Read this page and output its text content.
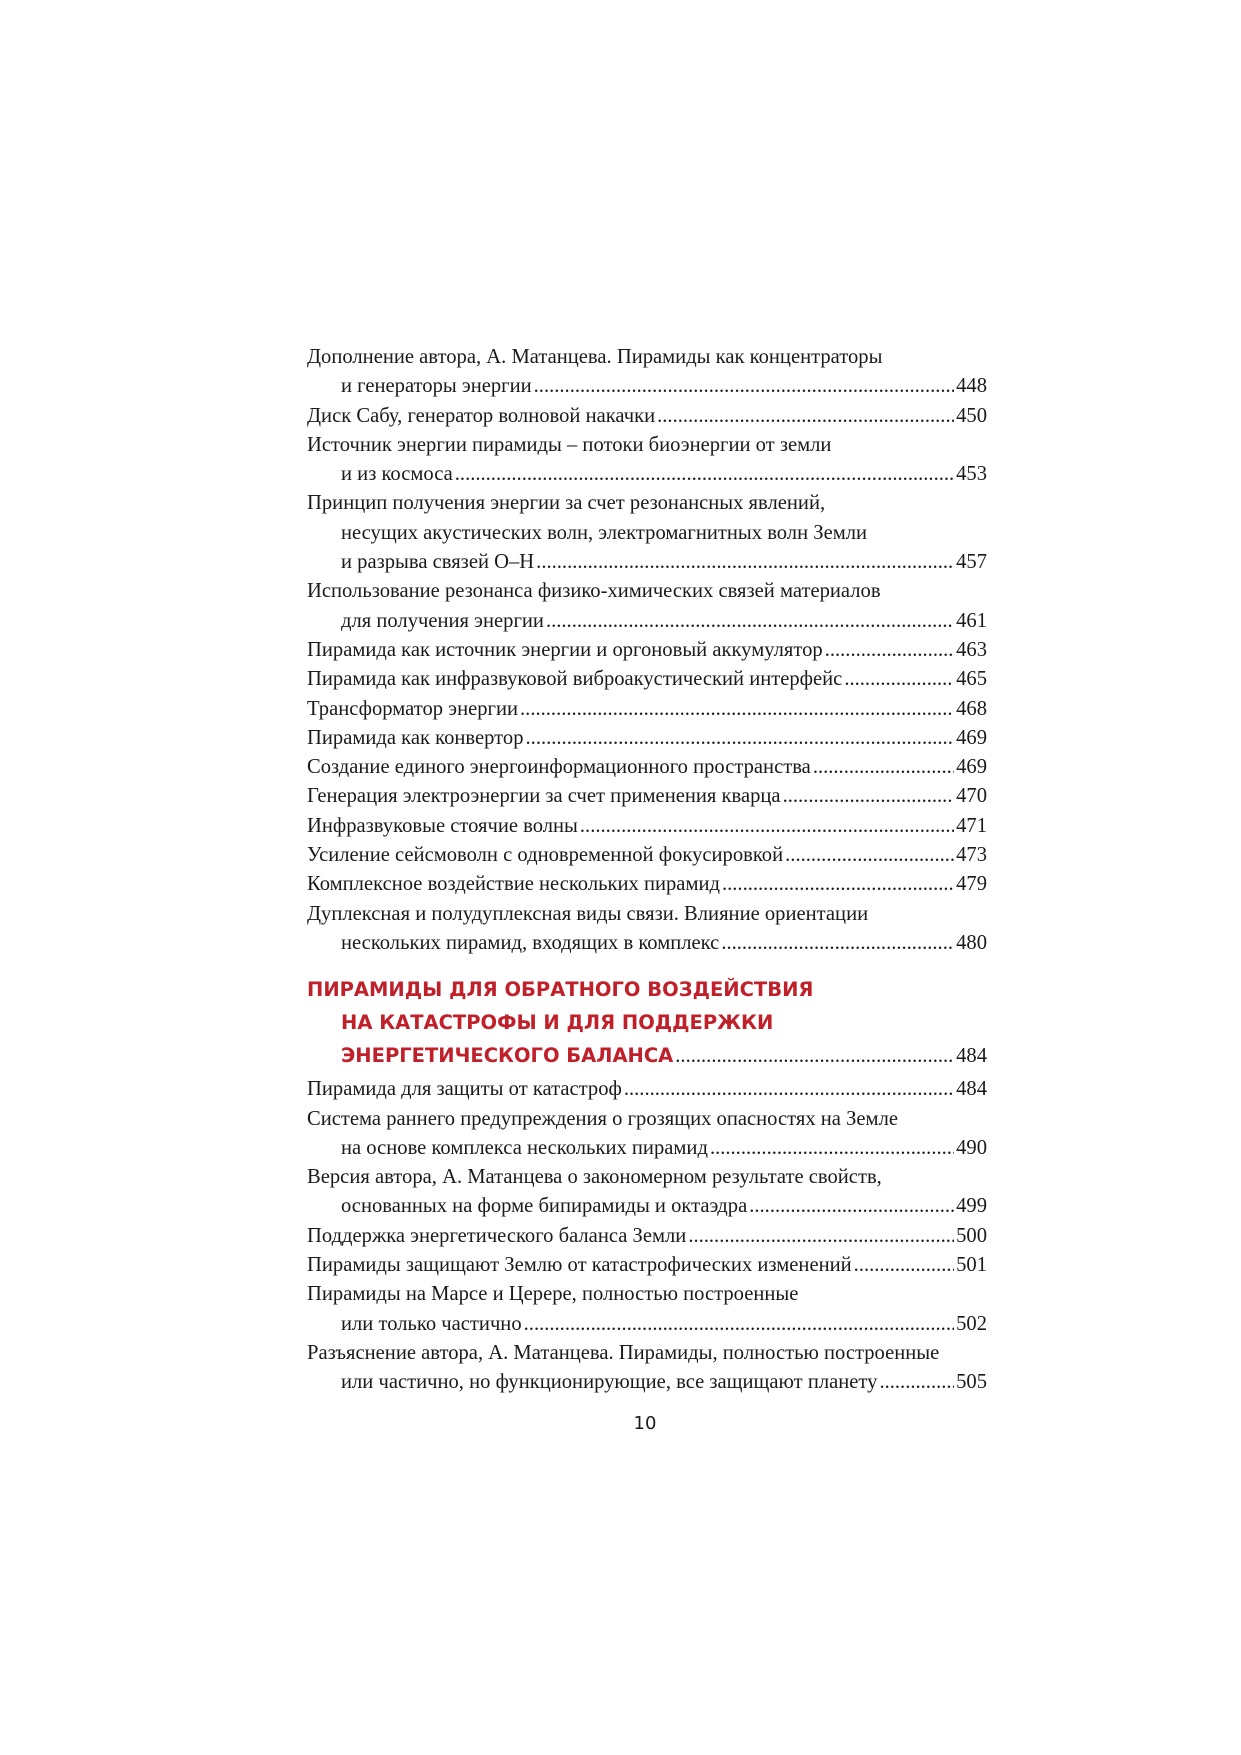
Дополнение автора, А. Матанцева. Пирамиды как концентраторы
и генераторы энергии .....	448
Диск Сабу, генератор волновой накачки .....	450
Источник энергии пирамиды – потоки биоэнергии от земли
и из космоса .....	453
Принцип получения энергии за счет резонансных явлений,
несущих акустических волн, электромагнитных волн Земли
и разрыва связей О–Н .....	457
Использование резонанса физико-химических связей материалов
для получения энергии .....	461
Пирамида как источник энергии и оргоновый аккумулятор .....	463
Пирамида как инфразвуковой виброакустический интерфейс .....	465
Трансформатор энергии .....	468
Пирамида как конвертор .....	469
Создание единого энергоинформационного пространства .....	469
Генерация электроэнергии за счет применения кварца .....	470
Инфразвуковые стоячие волны .....	471
Усиление сейсмоволн с одновременной фокусировкой .....	473
Комплексное воздействие нескольких пирамид .....	479
Дуплексная и полудуплексная виды связи. Влияние ориентации
нескольких пирамид, входящих в комплекс .....	480
ПИРАМИДЫ ДЛЯ ОБРАТНОГО ВОЗДЕЙСТВИЯ
НА КАТАСТРОФЫ И ДЛЯ ПОДДЕРЖКИ
ЭНЕРГЕТИЧЕСКОГО БАЛАНСА .....	484
Пирамида для защиты от катастроф .....	484
Система раннего предупреждения о грозящих опасностях на Земле
на основе комплекса нескольких пирамид .....	490
Версия автора, А. Матанцева о закономерном результате свойств,
основанных на форме бипирамиды и октаэдра .....	499
Поддержка энергетического баланса Земли .....	500
Пирамиды защищают Землю от катастрофических изменений .....	501
Пирамиды на Марсе и Церере, полностью построенные
или только частично .....	502
Разъяснение автора, А. Матанцева. Пирамиды, полностью построенные
или частично, но функционирующие, все защищают планету .....	505
10
